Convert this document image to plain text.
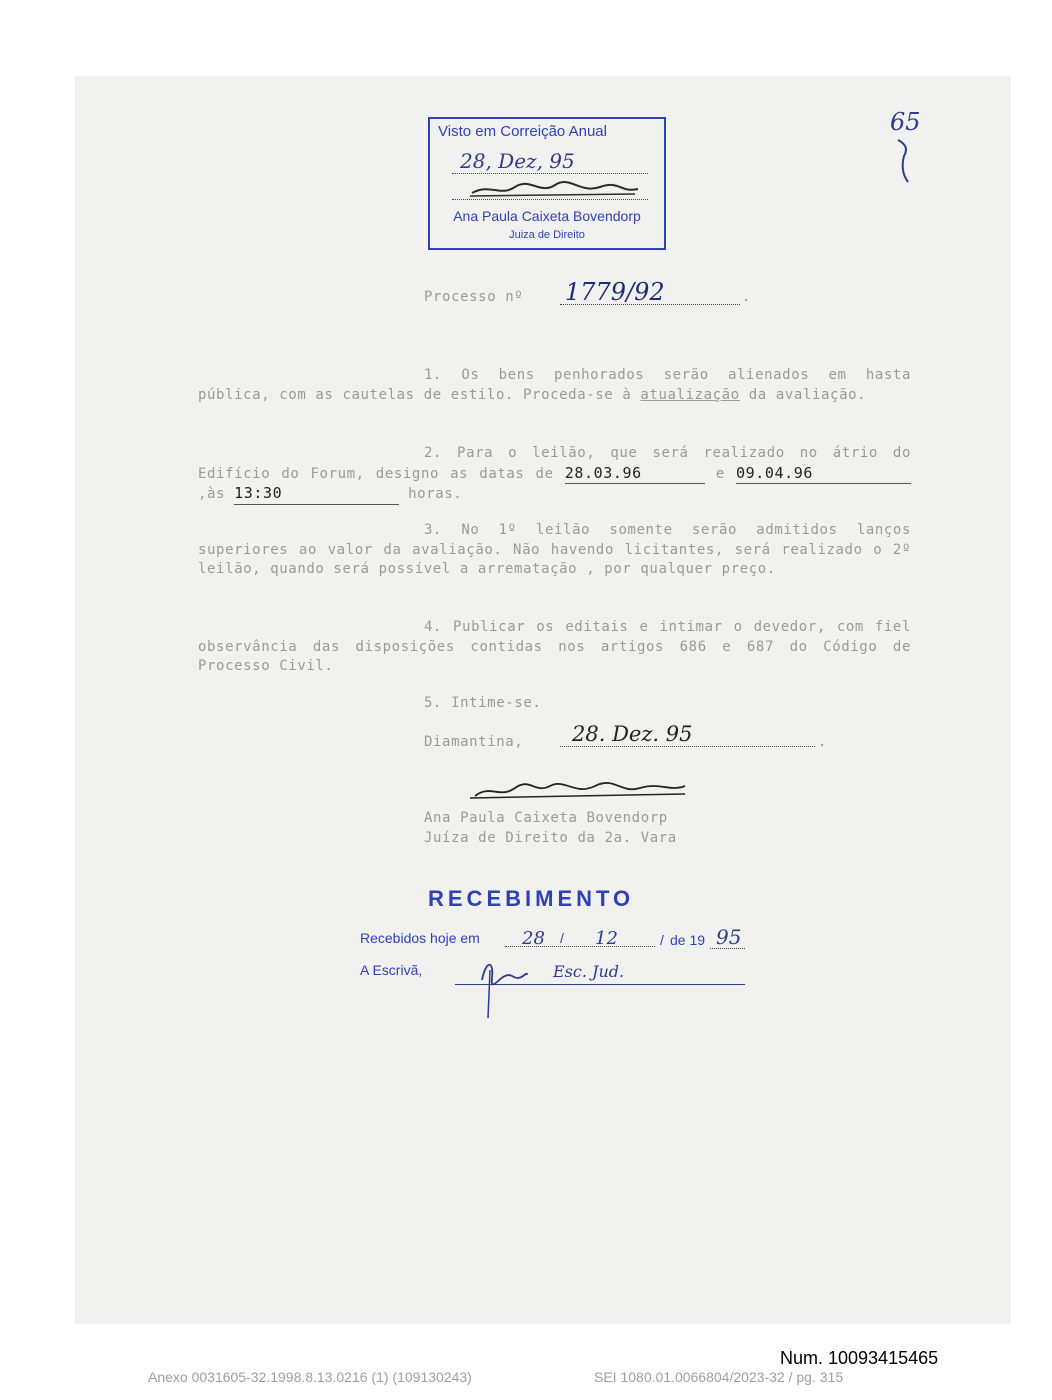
Visto em Correição Anual
28, Dez, 95
Ana Paula Caixeta Bovendorp
Juiza de Direito
65
Processo nº 1779/92	.

1. Os bens penhorados serão alienados em hasta pública, com as cautelas de estilo. Proceda-se à atualização da avaliação.

2. Para o leilão, que será realizado no átrio do Edifício do Forum, designo as datas de 28.03.96	e 09.04.96,às 13:30	horas.

3. No 1º leilão somente serão admitidos lanços superiores ao valor da avaliação. Não havendo licitantes, será realizado o 2º leilão, quando será possível a arrematação , por qualquer preço.

4. Publicar os editais e intimar o devedor, com fiel observância das disposições contidas nos artigos 686 e 687 do Código de Processo Civil.

5. Intime-se.
Diamantina, 28. Dez. 95	.
Ana Paula Caixeta Bovendorp
Juíza de Direito da 2a. Vara
RECEBIMENTO
Recebidos hoje em 28 / 12	/ de 19 95
A Escrivã,	Esc. Jud.
Num. 10093415465
Anexo 0031605-32.1998.8.13.0216 (1) (109130243)	SEI 1080.01.0066804/2023-32 / pg. 315
